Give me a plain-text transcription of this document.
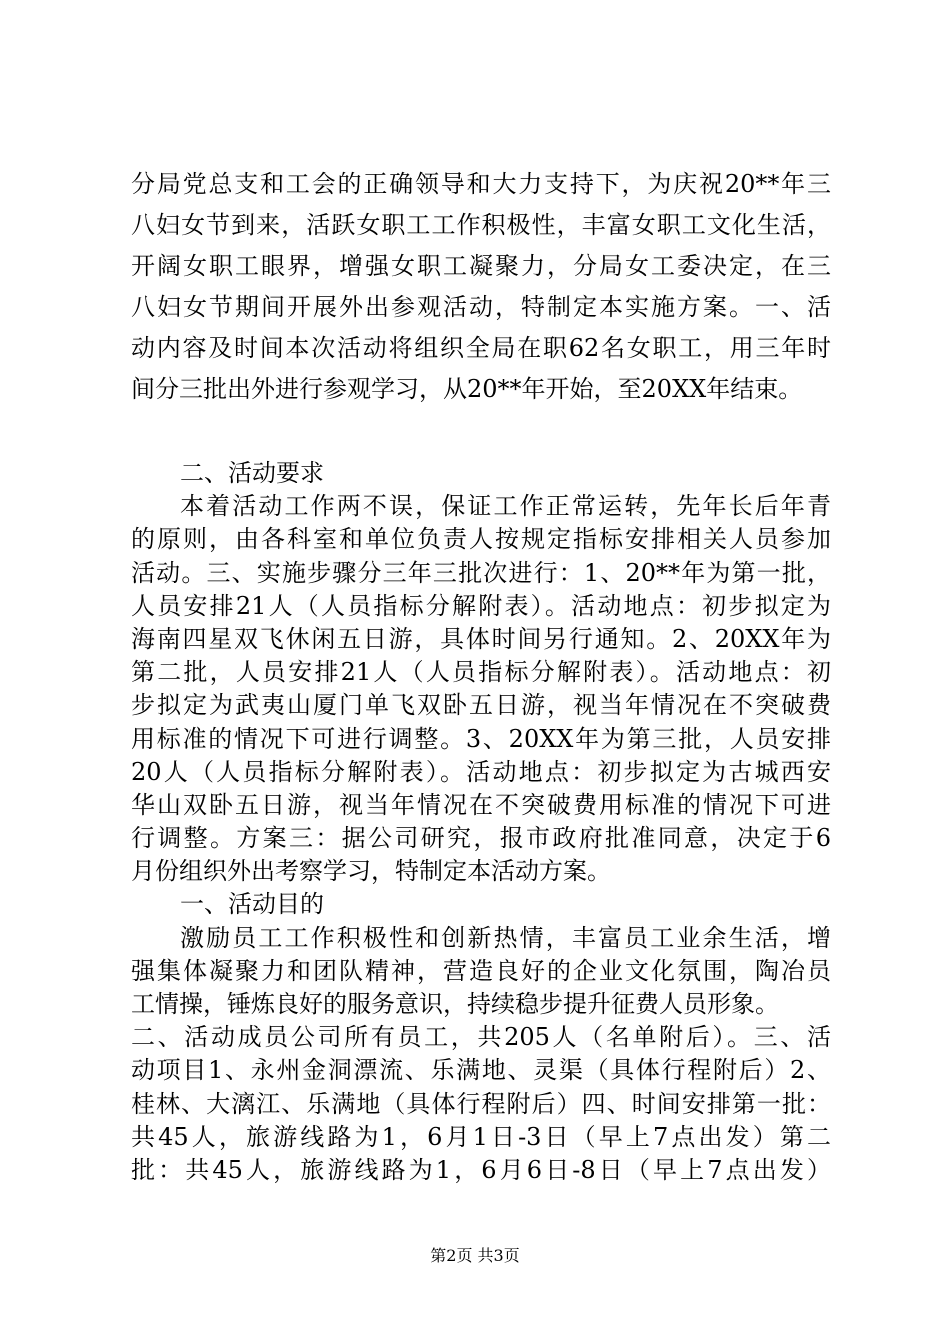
分局党总支和工会的正确领导和大力支持下，为庆祝20**年三
八妇女节到来，活跃女职工工作积极性，丰富女职工文化生活，
开阔女职工眼界，增强女职工凝聚力，分局女工委决定，在三
八妇女节期间开展外出参观活动，特制定本实施方案。一、活
动内容及时间本次活动将组织全局在职62名女职工，用三年时
间分三批出外进行参观学习，从20**年开始，至20XX年结束。
二、活动要求
本着活动工作两不误，保证工作正常运转，先年长后年青
的原则，由各科室和单位负责人按规定指标安排相关人员参加
活动。三、实施步骤分三年三批次进行：1、20**年为第一批，
人员安排21人（人员指标分解附表）。活动地点：初步拟定为
海南四星双飞休闲五日游，具体时间另行通知。2、20XX年为
第二批，人员安排21人（人员指标分解附表）。活动地点：初
步拟定为武夷山厦门单飞双卧五日游，视当年情况在不突破费
用标准的情况下可进行调整。3、20XX年为第三批，人员安排
20人（人员指标分解附表）。活动地点：初步拟定为古城西安
华山双卧五日游，视当年情况在不突破费用标准的情况下可进
行调整。方案三：据公司研究，报市政府批准同意，决定于6
月份组织外出考察学习，特制定本活动方案。
一、活动目的
激励员工工作积极性和创新热情，丰富员工业余生活，增
强集体凝聚力和团队精神，营造良好的企业文化氛围，陶冶员
工情操，锤炼良好的服务意识，持续稳步提升征费人员形象。
二、活动成员公司所有员工，共205人（名单附后）。三、活
动项目1、永州金洞漂流、乐满地、灵渠（具体行程附后）2、
桂林、大漓江、乐满地（具体行程附后）四、时间安排第一批：
共45人，旅游线路为1，6月1日-3日（早上7点出发）第二
批：共45人，旅游线路为1，6月6日-8日（早上7点出发）
第2页 共3页
